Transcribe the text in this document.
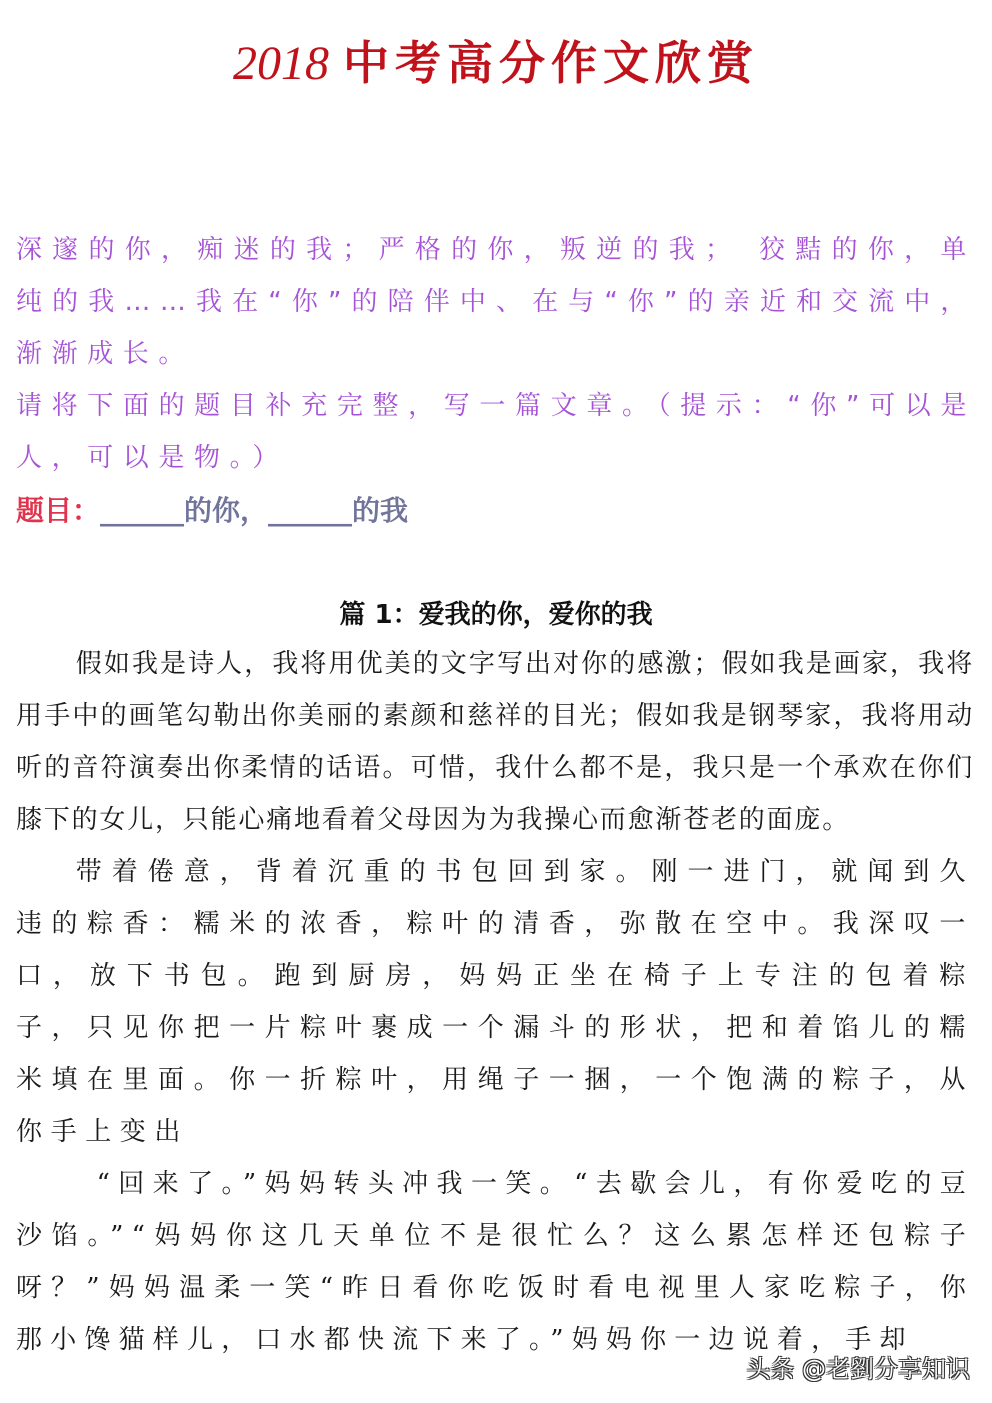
2018 中考高分作文欣赏

深邃的你，痴迷的我；严格的你，叛逆的我； 狡黠的你，单纯的我……我在“你”的陪伴中、在与“你”的亲近和交流中，渐渐成长。

请将下面的题目补充完整，写一篇文章。（提示：“你”可以是人，可以是物。）

题目：______的你，______的我
篇 1：爱我的你，爱你的我

假如我是诗人，我将用优美的文字写出对你的感激；假如我是画家，我将用手中的画笔勾勒出你美丽的素颜和慈祥的目光；假如我是钢琴家，我将用动听的音符演奏出你柔情的话语。可惜，我什么都不是，我只是一个承欢在你们膝下的女儿，只能心痛地看着父母因为为我操心而愈渐苍老的面庞。

带着倦意，背着沉重的书包回到家。刚一进门，就闻到久违的粽香：糯米的浓香，粽叶的清香，弥散在空中。我深叹一口，放下书包。跑到厨房，妈妈正坐在椅子上专注的包着粽子，只见你把一片粽叶裹成一个漏斗的形状，把和着馅儿的糯米填在里面。你一折粽叶，用绳子一捆，一个饱满的粽子，从你手上变出

“回来了。”妈妈转头冲我一笑。“去歇会儿，有你爱吃的豆沙馅。”“妈妈你这几天单位不是很忙么？这么累怎样还包粽子呀？”妈妈温柔一笑“昨日看你吃饭时看电视里人家吃粽子，你那小馋猫样儿，口水都快流下来了。”妈妈你一边说着，手却

头条 @老劉分享知识
